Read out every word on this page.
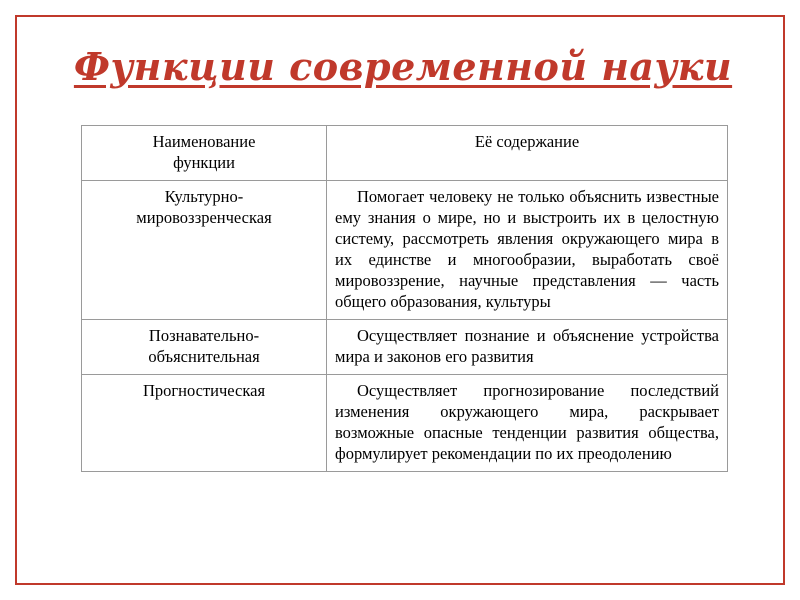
Функции современной науки
Наименование
функции	Её содержание

Культурно-
мировоззренческая	Помогает человеку не только объяснить известные ему знания о мире, но и выстроить их в целостную систему, рассмотреть явления окружающего мира в их единстве и многообразии, выработать своё мировоззрение, научные представления — часть общего образования, культуры

Познавательно-
объяснительная	Осуществляет познание и объяснение устройства мира и законов его развития

Прогностическая	Осуществляет прогнозирование последствий изменения окружающего мира, раскрывает возможные опасные тенденции развития общества, формулирует рекомендации по их преодолению
